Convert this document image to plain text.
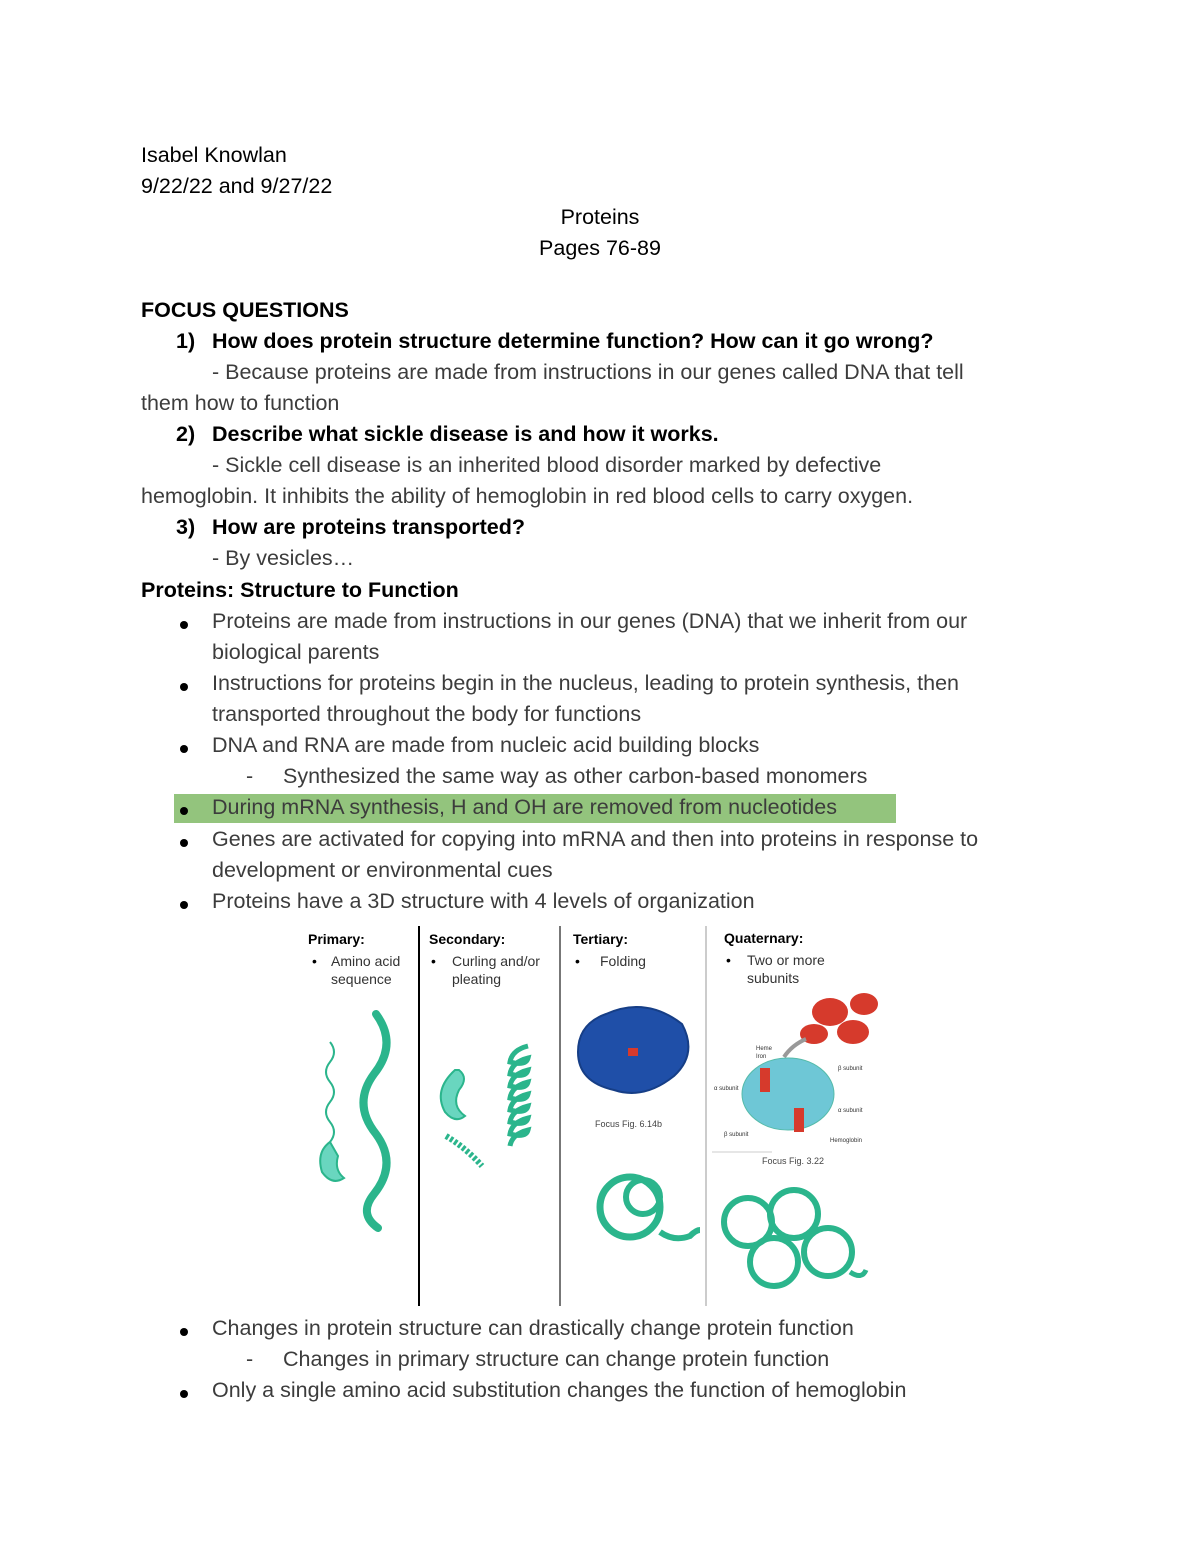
Isabel Knowlan
9/22/22 and 9/27/22
Proteins
Pages 76-89
FOCUS QUESTIONS
1) How does protein structure determine function? How can it go wrong?
- Because proteins are made from instructions in our genes called DNA that tell
them how to function
2) Describe what sickle disease is and how it works.
- Sickle cell disease is an inherited blood disorder marked by defective
hemoglobin. It inhibits the ability of hemoglobin in red blood cells to carry oxygen.
3) How are proteins transported?
- By vesicles…
Proteins: Structure to Function
Proteins are made from instructions in our genes (DNA) that we inherit from our
biological parents
Instructions for proteins begin in the nucleus, leading to protein synthesis, then
transported throughout the body for functions
DNA and RNA are made from nucleic acid building blocks
- Synthesized the same way as other carbon-based monomers
During mRNA synthesis, H and OH are removed from nucleotides
Genes are activated for copying into mRNA and then into proteins in response to
development or environmental cues
Proteins have a 3D structure with 4 levels of organization
Primary:
• Amino acid
sequence
Secondary:
• Curling and/or
pleating
Tertiary:
• Folding
Quaternary:
• Two or more
subunits
Focus Fig. 6.14b
Heme
Iron
β subunit
α subunit
α subunit
β subunit
Hemoglobin
Focus Fig. 3.22
Changes in protein structure can drastically change protein function
- Changes in primary structure can change protein function
Only a single amino acid substitution changes the function of hemoglobin
